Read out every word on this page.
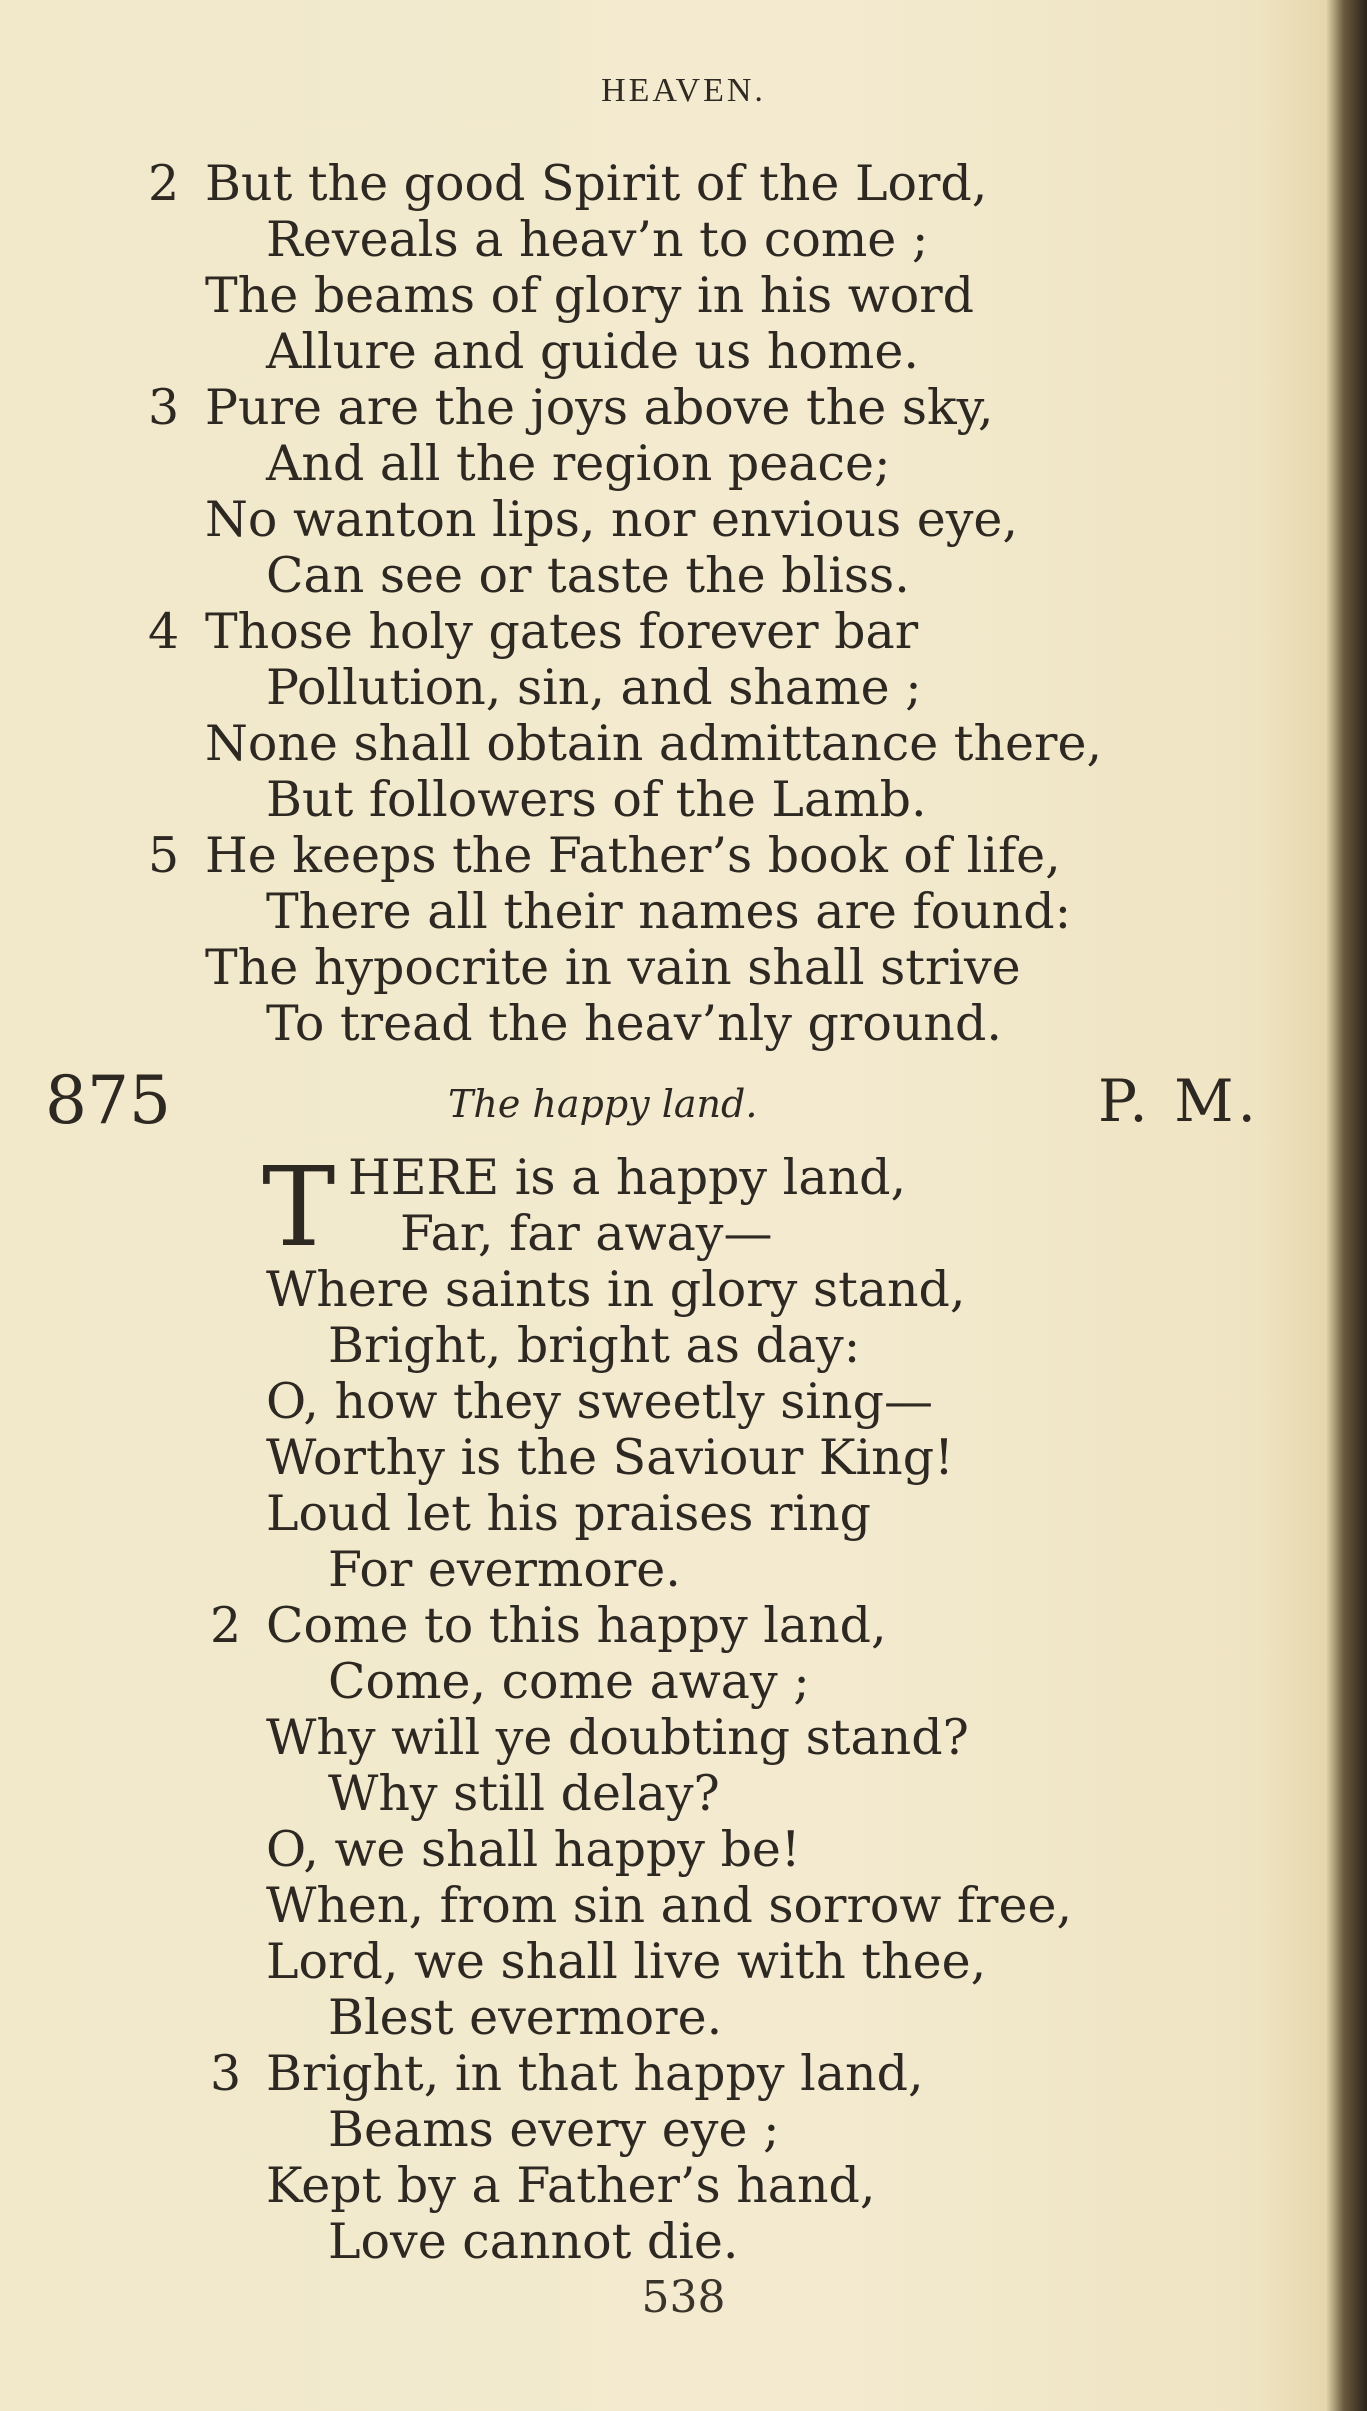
HEAVEN.
2 But the good Spirit of the Lord,
Reveals a heav’n to come ;
The beams of glory in his word
Allure and guide us home.
3 Pure are the joys above the sky,
And all the region peace;
No wanton lips, nor envious eye,
Can see or taste the bliss.
4 Those holy gates forever bar
Pollution, sin, and shame ;
None shall obtain admittance there,
But followers of the Lamb.
5 He keeps the Father’s book of life,
There all their names are found:
The hypocrite in vain shall strive
To tread the heav’nly ground.
875	The happy land.	P. M.
T HERE is a happy land,
Far, far away—
Where saints in glory stand,
Bright, bright as day:
O, how they sweetly sing—
Worthy is the Saviour King!
Loud let his praises ring
For evermore.
2 Come to this happy land,
Come, come away ;
Why will ye doubting stand?
Why still delay?
O, we shall happy be!
When, from sin and sorrow free,
Lord, we shall live with thee,
Blest evermore.
3 Bright, in that happy land,
Beams every eye ;
Kept by a Father’s hand,
Love cannot die.
538
